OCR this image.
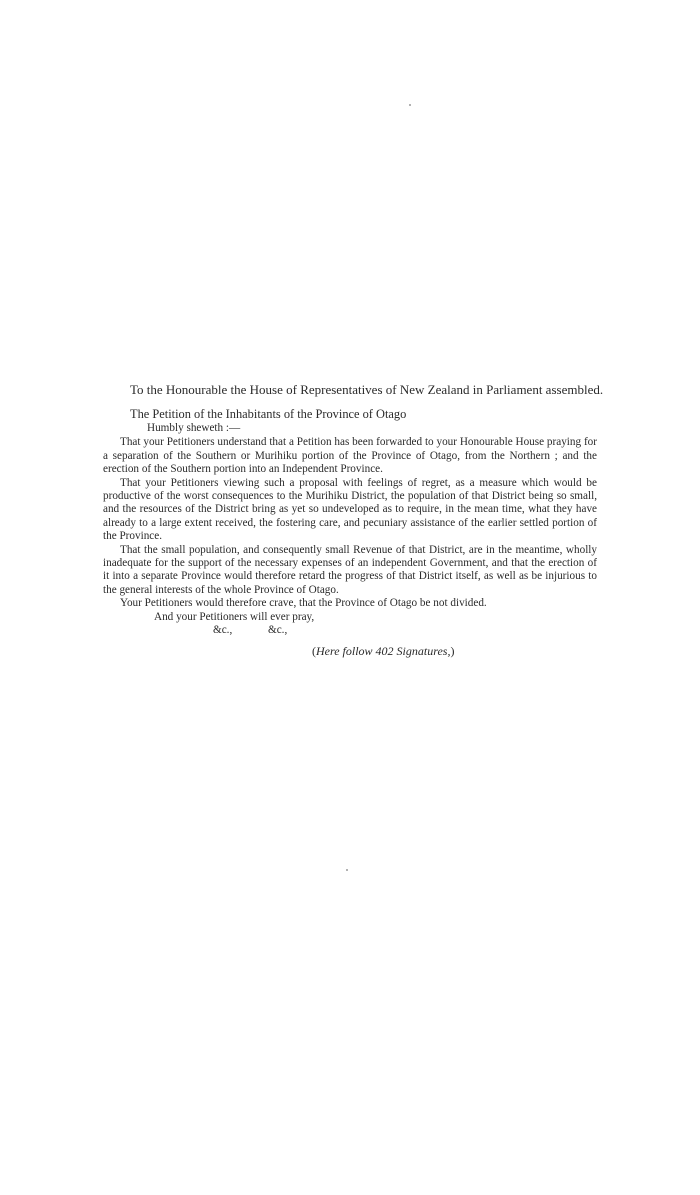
To the Honourable the House of Representatives of New Zealand in Parliament assembled.

The Petition of the Inhabitants of the Province of Otago

Humbly sheweth :—

That your Petitioners understand that a Petition has been forwarded to your Honourable House praying for a separation of the Southern or Murihiku portion of the Province of Otago, from the Northern ; and the erection of the Southern portion into an Independent Province.

That your Petitioners viewing such a proposal with feelings of regret, as a measure which would be productive of the worst consequences to the Murihiku District, the population of that District being so small, and the resources of the District bring as yet so undeveloped as to require, in the mean time, what they have already to a large extent received, the fostering care, and pecuniary assistance of the earlier settled portion of the Province.

That the small population, and consequently small Revenue of that District, are in the meantime, wholly inadequate for the support of the necessary expenses of an independent Government, and that the erection of it into a separate Province would therefore retard the progress of that District itself, as well as be injurious to the general interests of the whole Province of Otago.

Your Petitioners would therefore crave, that the Province of Otago be not divided.

And your Petitioners will ever pray,

&c.,	&c.,

(Here follow 402 Signatures,)
